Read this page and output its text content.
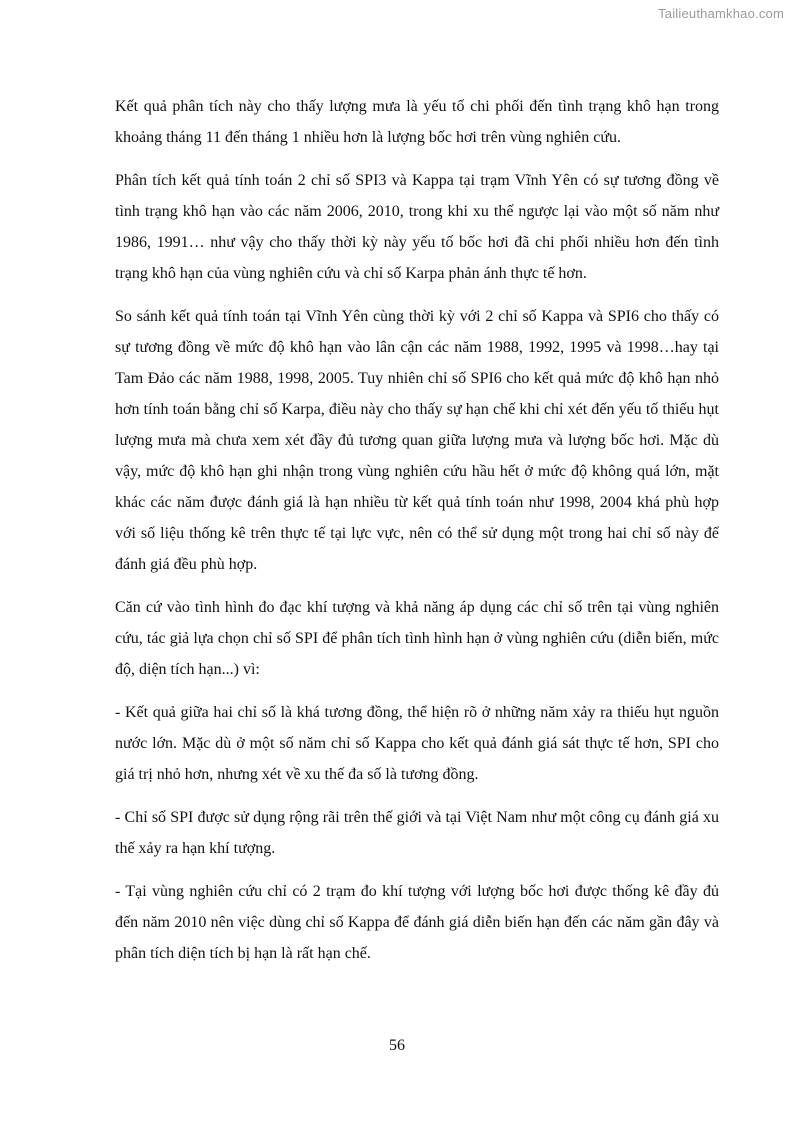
Tailieuthamkhao.com

Kết quả phân tích này cho thấy lượng mưa là yếu tố chi phối đến tình trạng khô hạn trong khoảng tháng 11 đến tháng 1 nhiều hơn là lượng bốc hơi trên vùng nghiên cứu.

Phân tích kết quả tính toán 2 chỉ số SPI3 và Kappa tại trạm Vĩnh Yên có sự tương đồng về tình trạng khô hạn vào các năm 2006, 2010, trong khi xu thế ngược lại vào một số năm như 1986, 1991… như vậy cho thấy thời kỳ này yếu tố bốc hơi đã chi phối nhiều hơn đến tình trạng khô hạn của vùng nghiên cứu và chỉ số Karpa phản ánh thực tế hơn.

So sánh kết quả tính toán tại Vĩnh Yên cùng thời kỳ với 2 chỉ số Kappa và SPI6 cho thấy có sự tương đồng về mức độ khô hạn vào lân cận các năm 1988, 1992, 1995 và 1998…hay tại Tam Đảo các năm 1988, 1998, 2005. Tuy nhiên chỉ số SPI6 cho kết quả mức độ khô hạn nhỏ hơn tính toán bằng chỉ số Karpa, điều này cho thấy sự hạn chế khi chỉ xét đến yếu tố thiếu hụt lượng mưa mà chưa xem xét đầy đủ tương quan giữa lượng mưa và lượng bốc hơi. Mặc dù vậy, mức độ khô hạn ghi nhận trong vùng nghiên cứu hầu hết ở mức độ không quá lớn, mặt khác các năm được đánh giá là hạn nhiều từ kết quả tính toán như 1998, 2004 khá phù hợp với số liệu thống kê trên thực tế tại lực vực, nên có thể sử dụng một trong hai chỉ số này để đánh giá đều phù hợp.

Căn cứ vào tình hình đo đạc khí tượng và khả năng áp dụng các chỉ số trên tại vùng nghiên cứu, tác giả lựa chọn chỉ số SPI để phân tích tình hình hạn ở vùng nghiên cứu (diễn biến, mức độ, diện tích hạn...) vì:

- Kết quả giữa hai chỉ số là khá tương đồng, thể hiện rõ ở những năm xảy ra thiếu hụt nguồn nước lớn. Mặc dù ở một số năm chỉ số Kappa cho kết quả đánh giá sát thực tế hơn, SPI cho giá trị nhỏ hơn, nhưng xét về xu thế đa số là tương đồng.

- Chỉ số SPI được sử dụng rộng rãi trên thế giới và tại Việt Nam như một công cụ đánh giá xu thế xảy ra hạn khí tượng.

- Tại vùng nghiên cứu chỉ có 2 trạm đo khí tượng với lượng bốc hơi được thống kê đầy đủ đến năm 2010 nên việc dùng chỉ số Kappa để đánh giá diễn biến hạn đến các năm gần đây và phân tích diện tích bị hạn là rất hạn chế.

56
